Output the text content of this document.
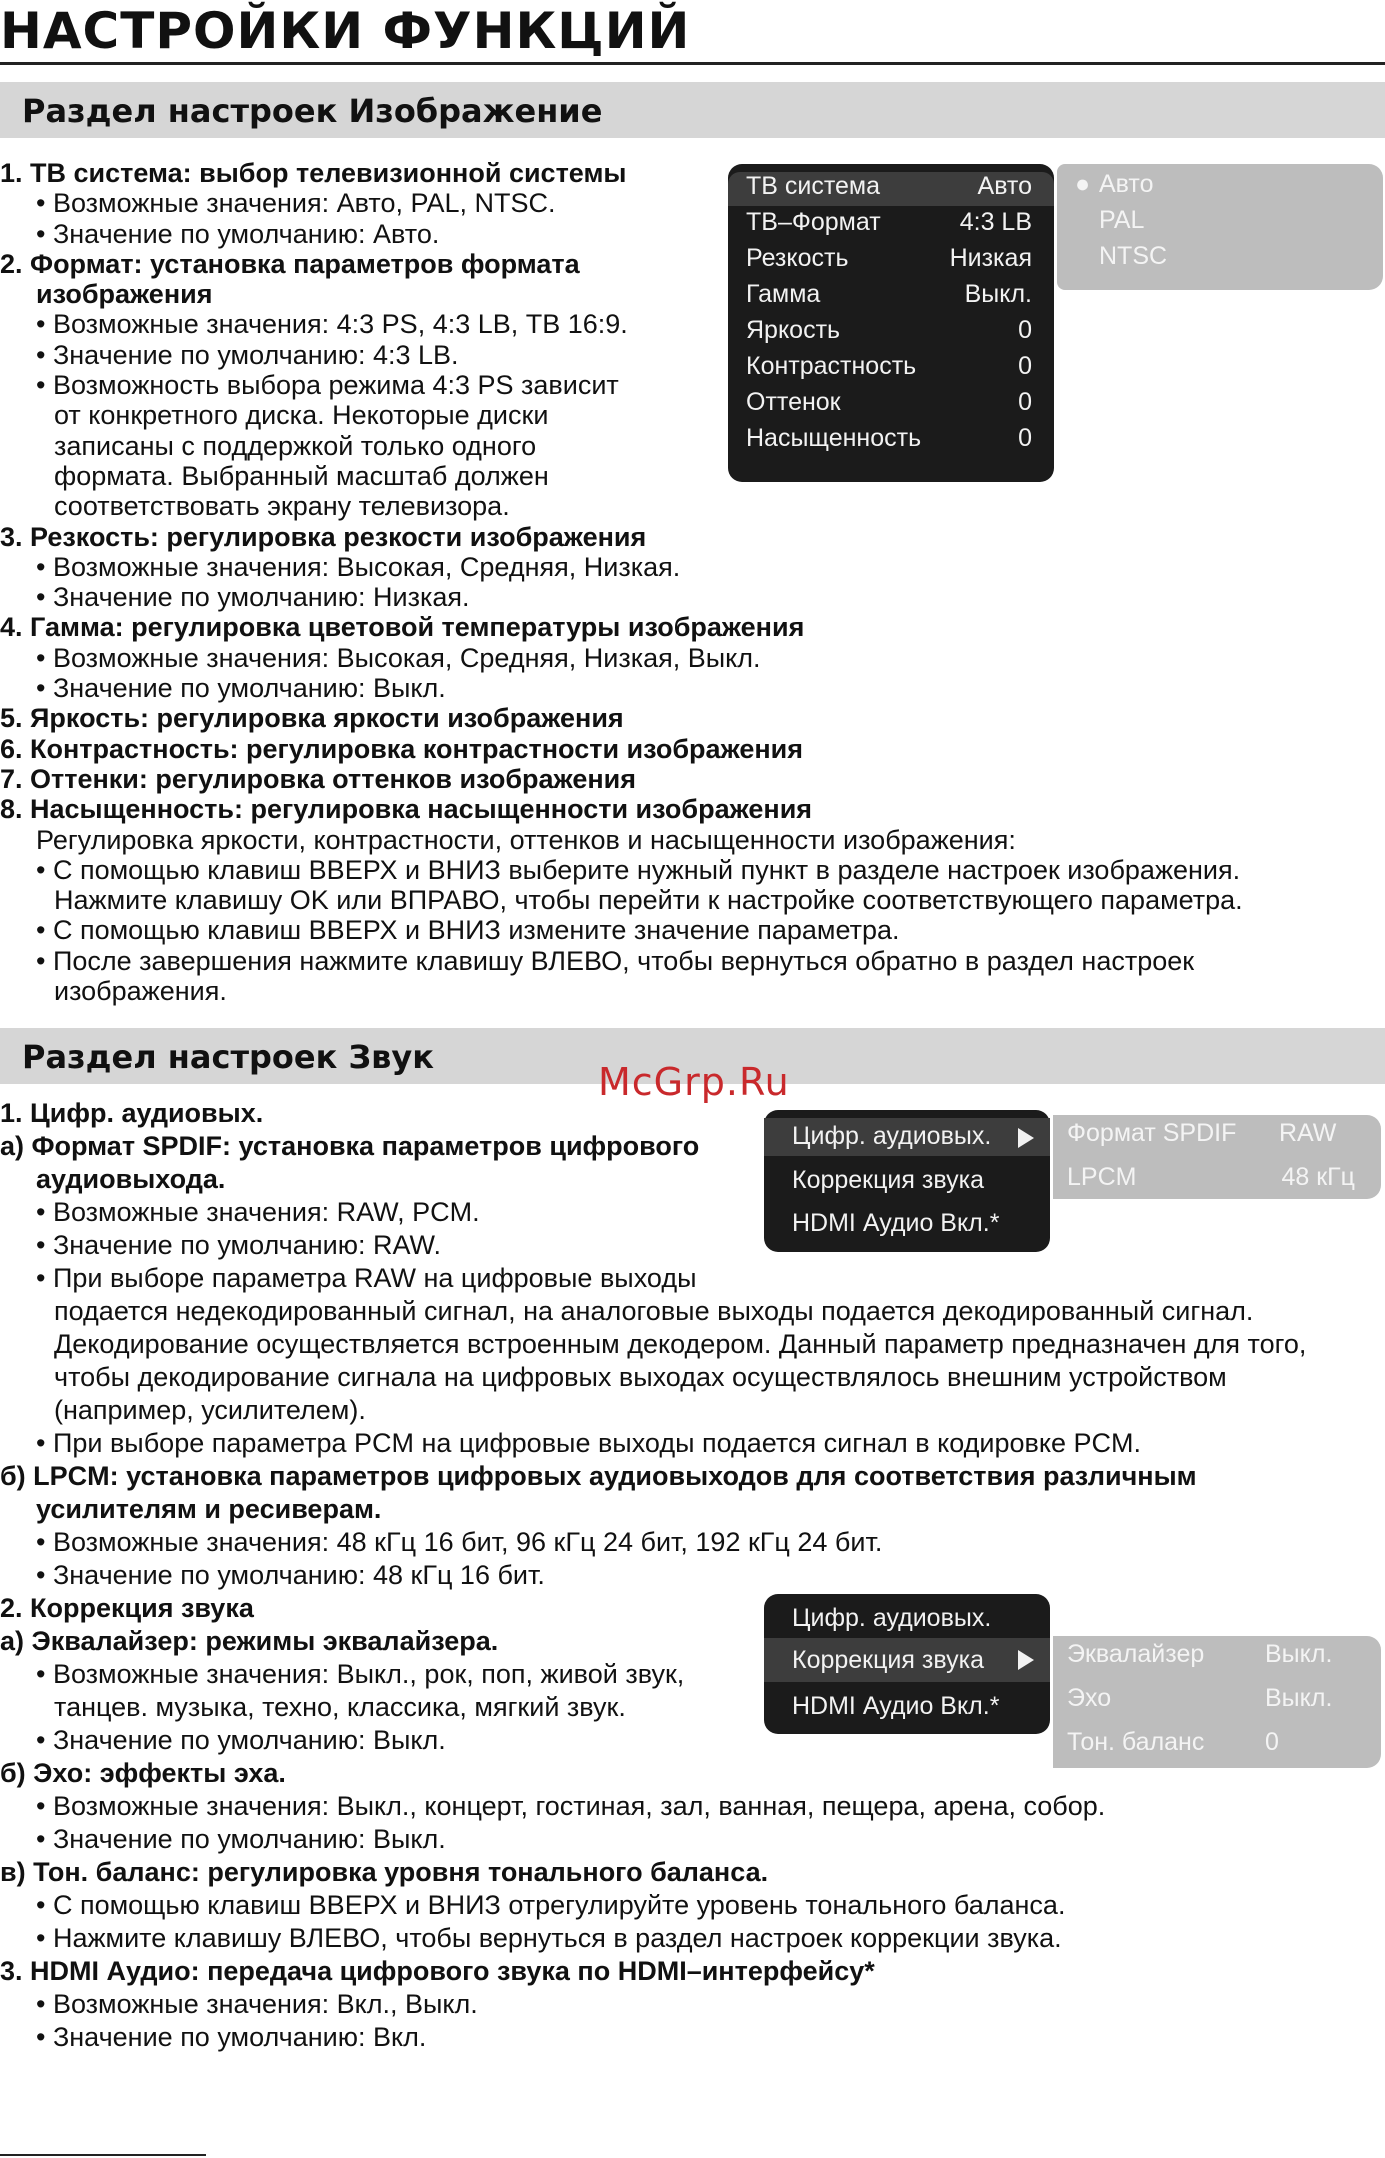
НАСТРОЙКИ ФУНКЦИЙ
Раздел настроек Изображение

1. ТВ система: выбор телевизионной системы

• Возможные значения: Авто, PAL, NTSC.

• Значение по умолчанию: Авто.

2. Формат: установка параметров формата

изображения

• Возможные значения: 4:3 PS, 4:3 LB, ТВ 16:9.

• Значение по умолчанию: 4:3 LB.

• Возможность выбора режима 4:3 PS зависит

от конкретного диска. Некоторые диски

записаны с поддержкой только одного

формата. Выбранный масштаб должен

соответствовать экрану телевизора.

3. Резкость: регулировка резкости изображения

• Возможные значения: Высокая, Средняя, Низкая.

• Значение по умолчанию: Низкая.

4. Гамма: регулировка цветовой температуры изображения

• Возможные значения: Высокая, Средняя, Низкая, Выкл.

• Значение по умолчанию: Выкл.

5. Яркость: регулировка яркости изображения

6. Контрастность: регулировка контрастности изображения

7. Оттенки: регулировка оттенков изображения

8. Насыщенность: регулировка насыщенности изображения

Регулировка яркости, контрастности, оттенков и насыщенности изображения:

• С помощью клавиш ВВЕРХ и ВНИЗ выберите нужный пункт в разделе настроек изображения.

Нажмите клавишу OK или ВПРАВО, чтобы перейти к настройке соответствующего параметра.

• С помощью клавиш ВВЕРХ и ВНИЗ измените значение параметра.

• После завершения нажмите клавишу ВЛЕВО, чтобы вернуться обратно в раздел настроек

изображения.

ТВ система	Авто
ТВ–Формат	4:3 LB
Резкость	Низкая
Гамма	Выкл.
Яркость	0
Контрастность	0
Оттенок	0
Насыщенность	0
● Авто
PAL
NTSC
Раздел настроек Звук
McGrp.Ru

1. Цифр. аудиовых.

а) Формат SPDIF: установка параметров цифрового

аудиовыхода.

• Возможные значения: RAW, PCM.

• Значение по умолчанию: RAW.

• При выборе параметра RAW на цифровые выходы

подается недекодированный сигнал, на аналоговые выходы подается декодированный сигнал.

Декодирование осуществляется встроенным декодером. Данный параметр предназначен для того,

чтобы декодирование сигнала на цифровых выходах осуществлялось внешним устройством

(например, усилителем).

• При выборе параметра PCM на цифровые выходы подается сигнал в кодировке PCM.

б) LPCM: установка параметров цифровых аудиовыходов для соответствия различным

усилителям и ресиверам.

• Возможные значения: 48 кГц 16 бит, 96 кГц 24 бит, 192 кГц 24 бит.

• Значение по умолчанию: 48 кГц 16 бит.

2. Коррекция звука

а) Эквалайзер: режимы эквалайзера.

• Возможные значения: Выкл., рок, поп, живой звук,

танцев. музыка, техно, классика, мягкий звук.

• Значение по умолчанию: Выкл.

б) Эхо: эффекты эха.

• Возможные значения: Выкл., концерт, гостиная, зал, ванная, пещера, арена, собор.

• Значение по умолчанию: Выкл.

в) Тон. баланс: регулировка уровня тонального баланса.

• С помощью клавиш ВВЕРХ и ВНИЗ отрегулируйте уровень тонального баланса.

• Нажмите клавишу ВЛЕВО, чтобы вернуться в раздел настроек коррекции звука.

3. HDMI Аудио: передача цифрового звука по HDMI–интерфейсу*

• Возможные значения: Вкл., Выкл.

• Значение по умолчанию: Вкл.

Цифр. аудиовых.
Коррекция звука
HDMI Аудио Вкл.*
Формат SPDIF RAW
LPCM	48 кГц
Цифр. аудиовых.
Коррекция звука
HDMI Аудио Вкл.*
Эквалайзер Выкл.
Эхо	Выкл.
Тон. баланс 0
